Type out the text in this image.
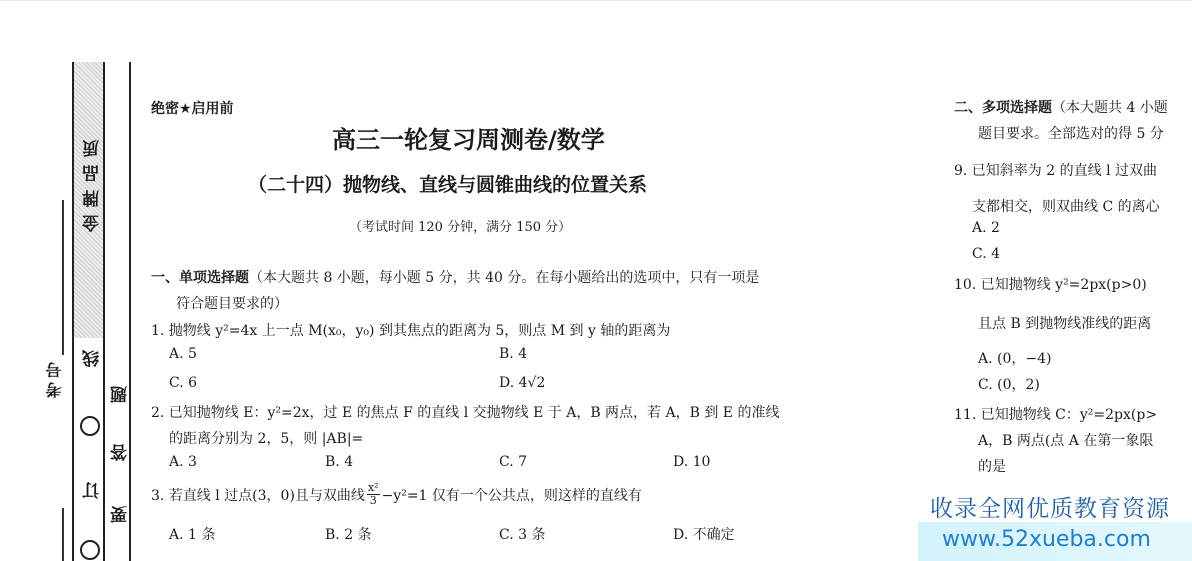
金牌品质
线
题
答
订
要
考号
绝密★启用前
高三一轮复习周测卷/数学
（二十四）抛物线、直线与圆锥曲线的位置关系
（考试时间 120 分钟，满分 150 分）
一、单项选择题（本大题共 8 小题，每小题 5 分，共 40 分。在每小题给出的选项中，只有一项是
符合题目要求的）
1. 抛物线 y²=4x 上一点 M(x₀，y₀) 到其焦点的距离为 5，则点 M 到 y 轴的距离为
A. 5	B. 4
C. 6	D. 4√2
2. 已知抛物线 E：y²=2x，过 E 的焦点 F 的直线 l 交抛物线 E 于 A，B 两点，若 A，B 到 E 的准线
的距离分别为 2，5，则 |AB|=
A. 3	B. 4	C. 7	D. 10
3. 若直线 l 过点(3，0)且与双曲线 $\frac{\text{x²}}{3} -y^2=1$ 仅有一个公共点，则这样的直线有
A. 1 条	B. 2 条	C. 3 条	D. 不确定
二、多项选择题（本大题共 4 小题
题目要求。全部选对的得 5 分
9. 已知斜率为 2 的直线 l 过双曲
支都相交，则双曲线 C 的离心
A. 2
C. 4
10. 已知抛物线 y²=2px(p>0)
且点 B 到抛物线准线的距离
A. (0，−4)
C. (0，2)
11. 已知抛物线 C：y²=2px(p>
A，B 两点(点 A 在第一象限
的是
收录全网优质教育资源
www.52xueba.com
